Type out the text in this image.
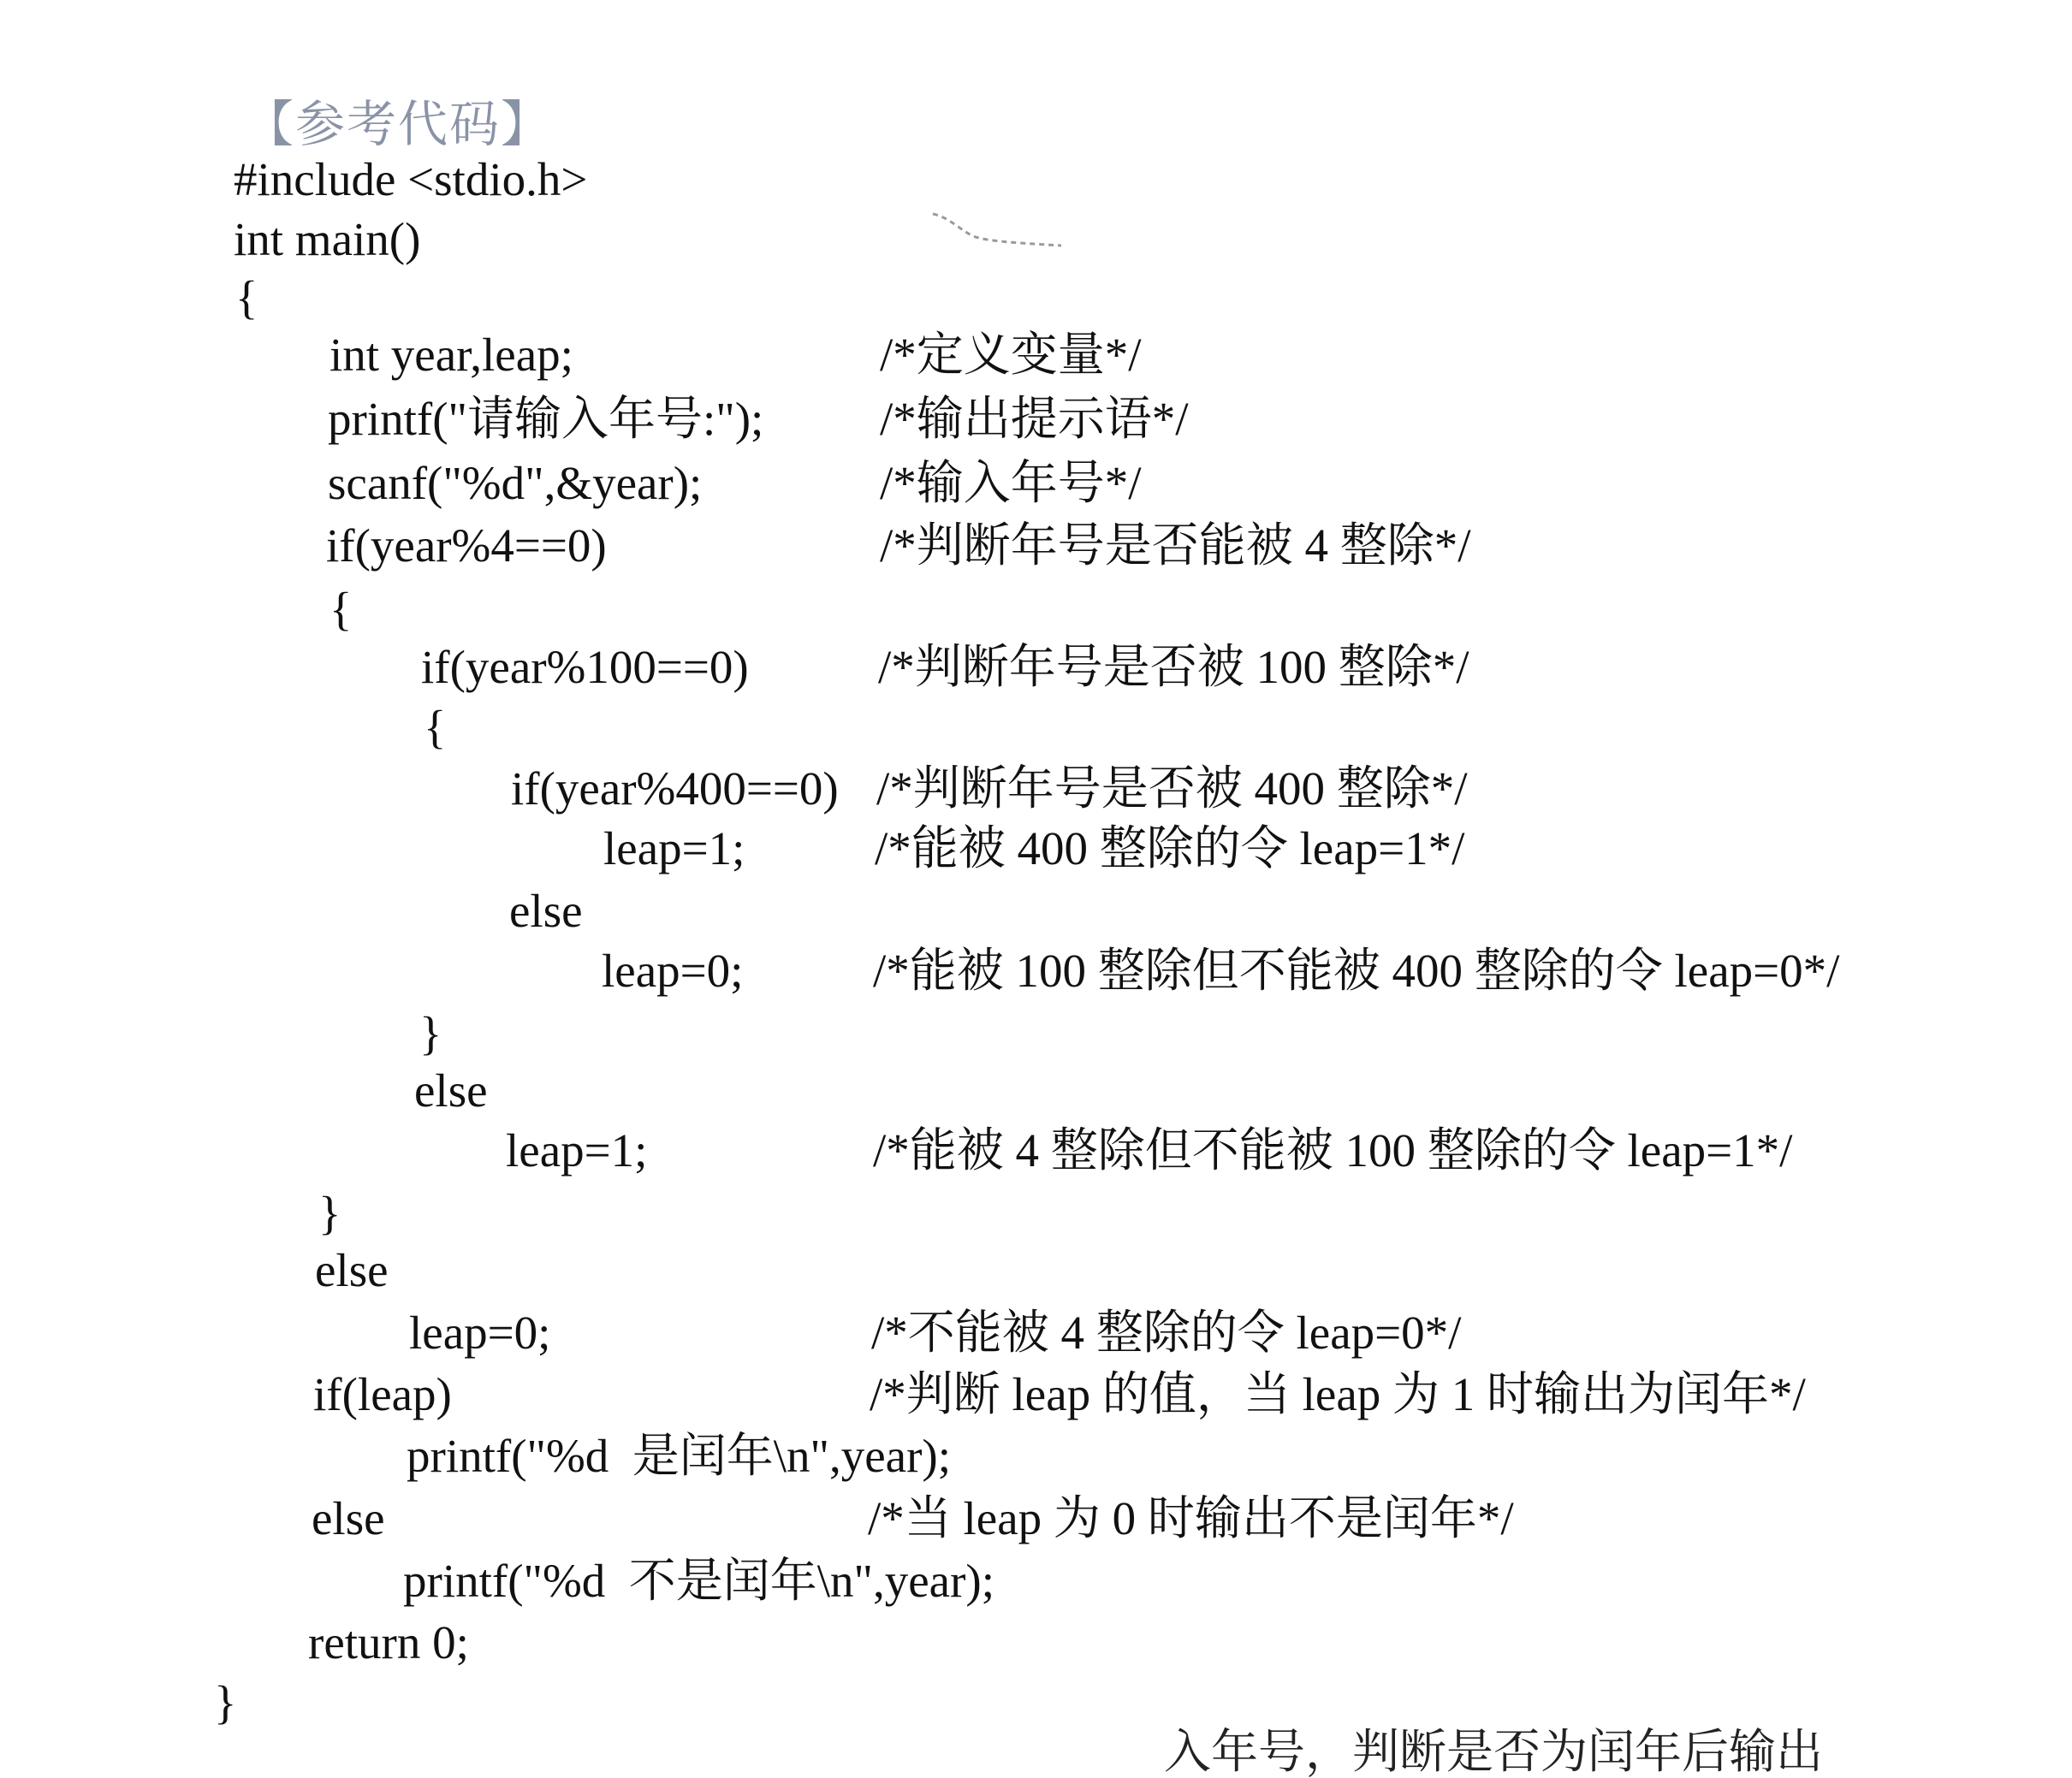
【参考代码】
#include <stdio.h>
int main()
{
int year,leap;	/*定义变量*/
printf("请输入年号:"); /*输出提示语*/
scanf("%d",&year);	/*输入年号*/
if(year%4==0)	/*判断年号是否能被 4 整除*/
{
if(year%100==0)	/*判断年号是否被 100 整除*/
{
if(year%400==0) /*判断年号是否被 400 整除*/
leap=1;	/*能被 400 整除的令 leap=1*/
else
leap=0;	/*能被 100 整除但不能被 400 整除的令 leap=0*/
}
else
leap=1;	/*能被 4 整除但不能被 100 整除的令 leap=1*/
}
else
leap=0;	/*不能被 4 整除的令 leap=0*/
if(leap)	/*判断 leap 的值，当 leap 为 1 时输出为闰年*/
printf("%d  是闰年\n",year);
else	/*当 leap 为 0 时输出不是闰年*/
printf("%d  不是闰年\n",year);
return 0;
}
入年号，判断是否为闰年后输出
